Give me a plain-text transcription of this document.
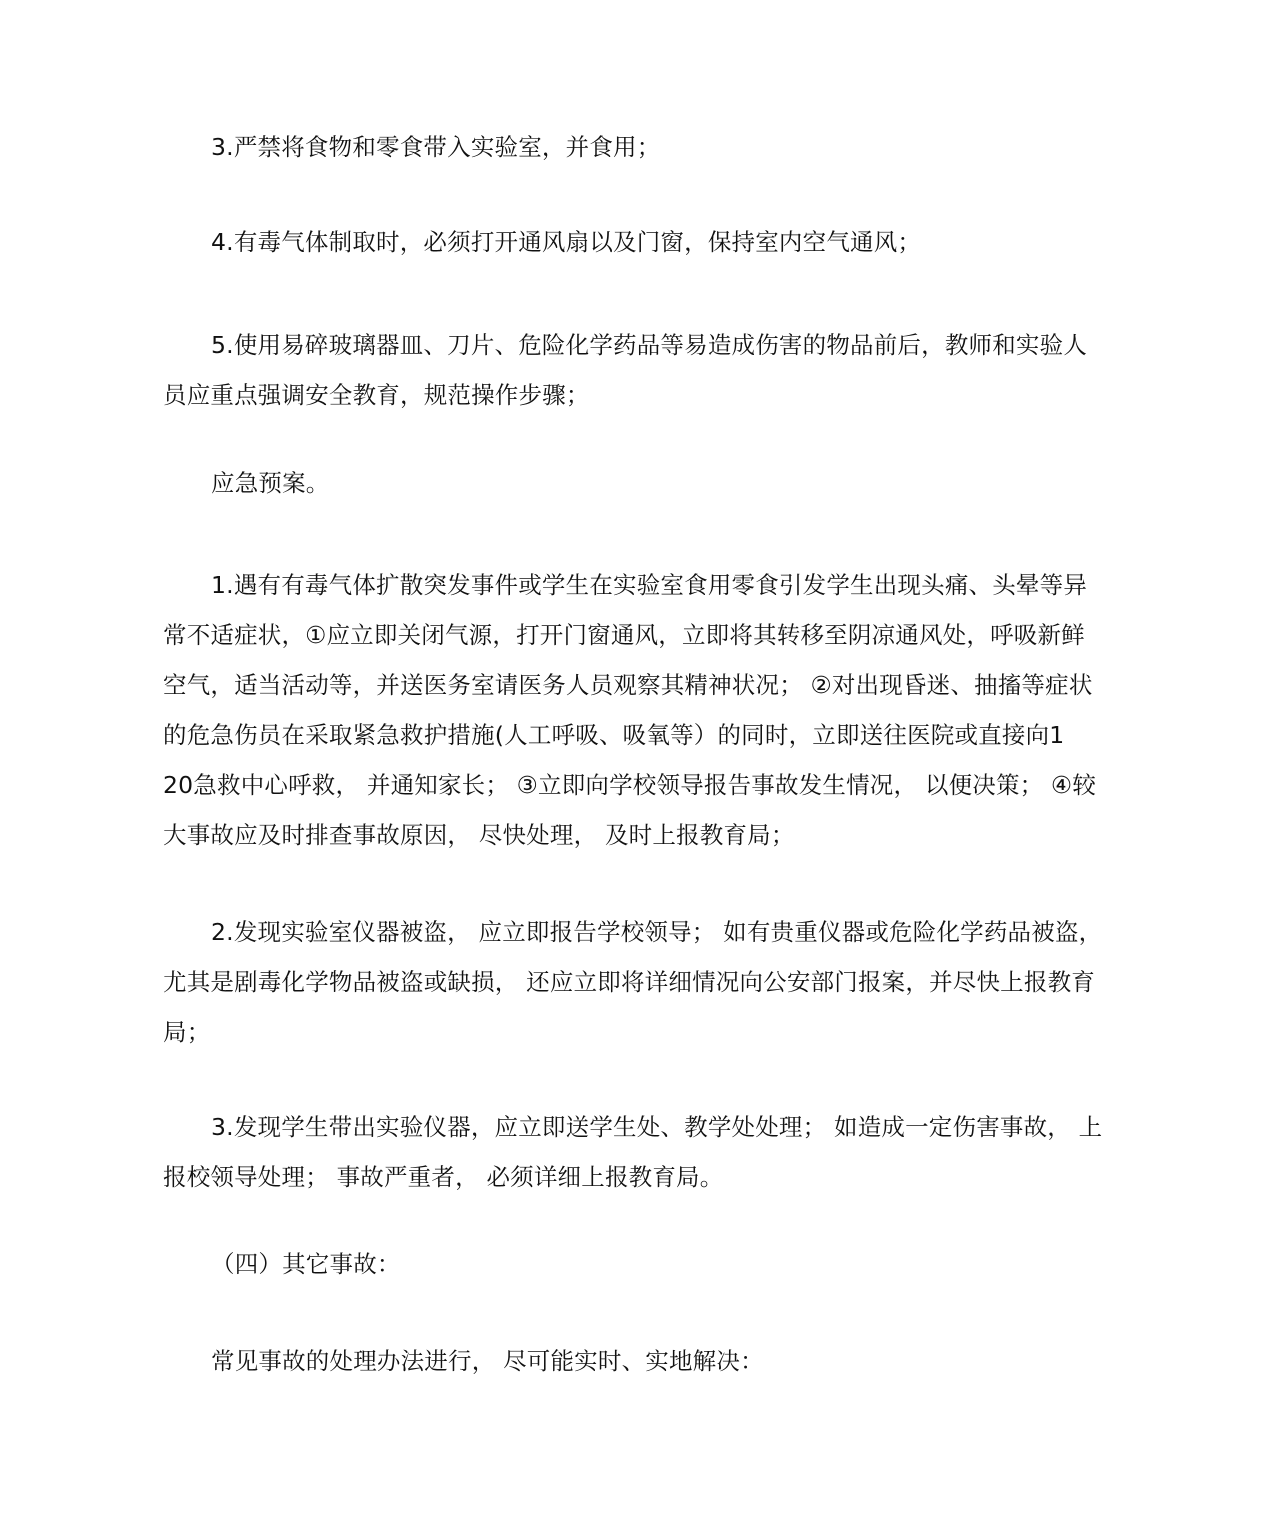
3.严禁将食物和零食带入实验室，并食用；
4.有毒气体制取时，必须打开通风扇以及门窗，保持室内空气通风；
5.使用易碎玻璃器皿、刀片、危险化学药品等易造成伤害的物品前后，教师和实验人
员应重点强调安全教育，规范操作步骤；
应急预案。
1.遇有有毒气体扩散突发事件或学生在实验室食用零食引发学生出现头痛、头晕等异
常不适症状，①应立即关闭气源，打开门窗通风，立即将其转移至阴凉通风处，呼吸新鲜
空气，适当活动等，并送医务室请医务人员观察其精神状况； ②对出现昏迷、抽搐等症状
的危急伤员在采取紧急救护措施(人工呼吸、吸氧等）的同时，立即送往医院或直接向1
20急救中心呼救， 并通知家长； ③立即向学校领导报告事故发生情况， 以便决策； ④较
大事故应及时排查事故原因， 尽快处理， 及时上报教育局；
2.发现实验室仪器被盗， 应立即报告学校领导； 如有贵重仪器或危险化学药品被盗，
尤其是剧毒化学物品被盗或缺损， 还应立即将详细情况向公安部门报案，并尽快上报教育
局；
3.发现学生带出实验仪器，应立即送学生处、教学处处理； 如造成一定伤害事故， 上
报校领导处理； 事故严重者， 必须详细上报教育局。
（四）其它事故：
常见事故的处理办法进行， 尽可能实时、实地解决：
